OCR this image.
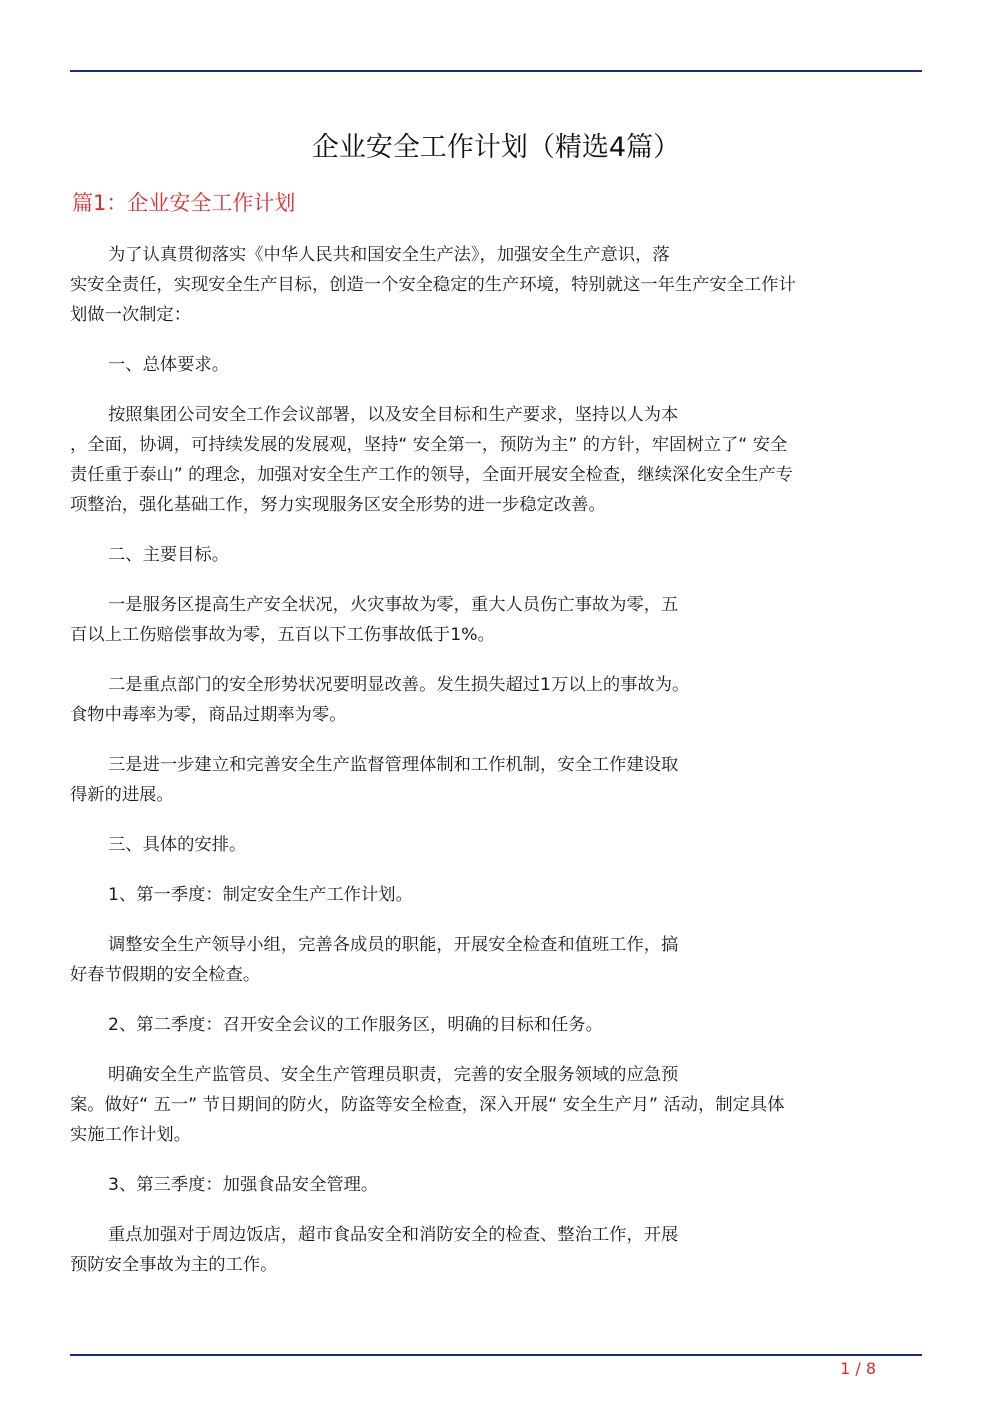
企业安全工作计划（精选4篇）
篇1：企业安全工作计划
为了认真贯彻落实《中华人民共和国安全生产法》，加强安全生产意识，落
实安全责任，实现安全生产目标，创造一个安全稳定的生产环境，特别就这一年生产安全工作计
划做一次制定：
一、总体要求。
按照集团公司安全工作会议部署，以及安全目标和生产要求，坚持以人为本
，全面，协调，可持续发展的发展观，坚持“ 安全第一，预防为主” 的方针，牢固树立了“ 安全
责任重于泰山” 的理念，加强对安全生产工作的领导，全面开展安全检查，继续深化安全生产专
项整治，强化基础工作，努力实现服务区安全形势的进一步稳定改善。
二、主要目标。
一是服务区提高生产安全状况，火灾事故为零，重大人员伤亡事故为零，五
百以上工伤赔偿事故为零，五百以下工伤事故低于1%。
二是重点部门的安全形势状况要明显改善。发生损失超过1万以上的事故为。
食物中毒率为零，商品过期率为零。
三是进一步建立和完善安全生产监督管理体制和工作机制，安全工作建设取
得新的进展。
三、具体的安排。
1、第一季度：制定安全生产工作计划。
调整安全生产领导小组，完善各成员的职能，开展安全检查和值班工作，搞
好春节假期的安全检查。
2、第二季度：召开安全会议的工作服务区，明确的目标和任务。
明确安全生产监管员、安全生产管理员职责，完善的安全服务领域的应急预
案。做好“ 五一” 节日期间的防火，防盗等安全检查，深入开展“ 安全生产月” 活动，制定具体
实施工作计划。
3、第三季度：加强食品安全管理。
重点加强对于周边饭店，超市食品安全和消防安全的检查、整治工作，开展
预防安全事故为主的工作。
1 / 8
